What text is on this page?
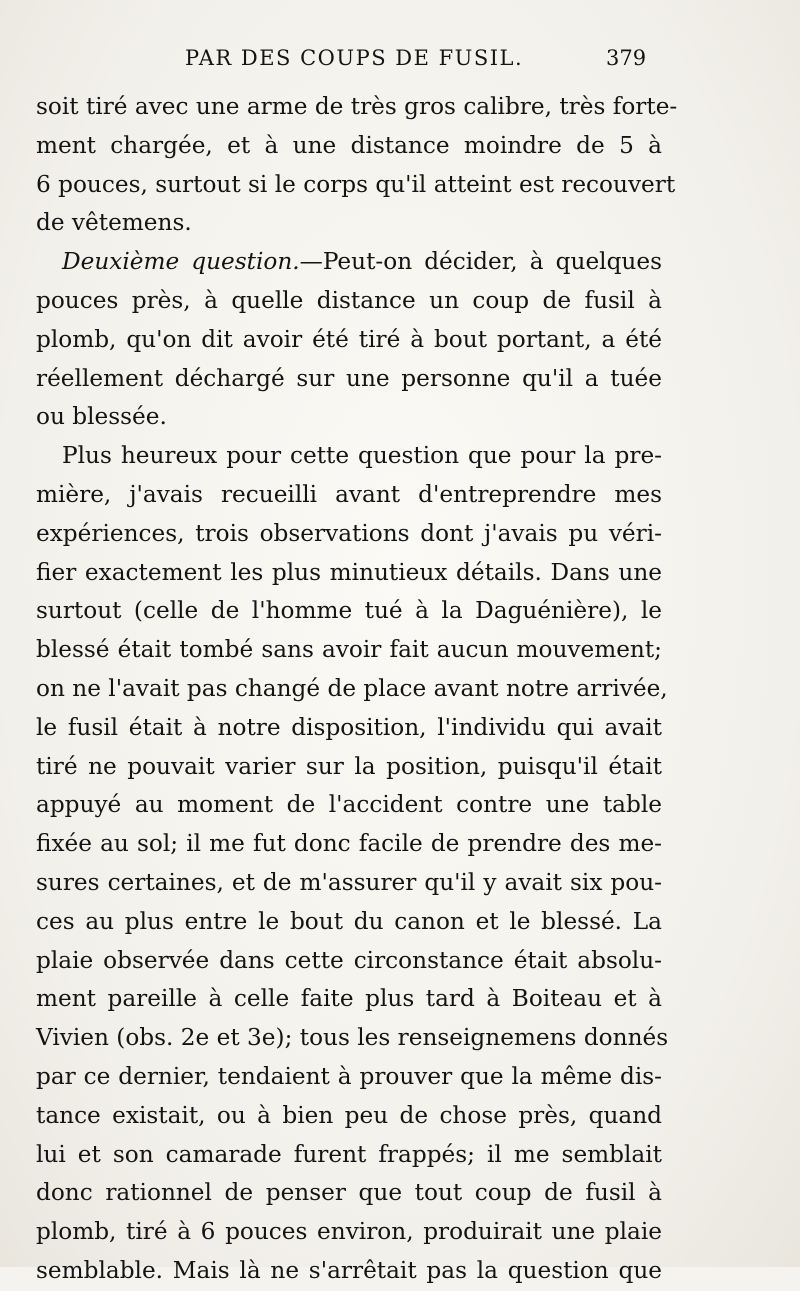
PAR DES COUPS DE FUSIL.	379
soit tiré avec une arme de très gros calibre, très forte-
ment chargée, et à une distance moindre de 5 à
6 pouces, surtout si le corps qu'il atteint est recouvert
de vêtemens.
Deuxième question.—Peut-on décider, à quelques
pouces près, à quelle distance un coup de fusil à
plomb, qu'on dit avoir été tiré à bout portant, a été
réellement déchargé sur une personne qu'il a tuée
ou blessée.
Plus heureux pour cette question que pour la pre-
mière, j'avais recueilli avant d'entreprendre mes
expériences, trois observations dont j'avais pu véri-
fier exactement les plus minutieux détails. Dans une
surtout (celle de l'homme tué à la Daguénière), le
blessé était tombé sans avoir fait aucun mouvement;
on ne l'avait pas changé de place avant notre arrivée,
le fusil était à notre disposition, l'individu qui avait
tiré ne pouvait varier sur la position, puisqu'il était
appuyé au moment de l'accident contre une table
fixée au sol; il me fut donc facile de prendre des me-
sures certaines, et de m'assurer qu'il y avait six pou-
ces au plus entre le bout du canon et le blessé. La
plaie observée dans cette circonstance était absolu-
ment pareille à celle faite plus tard à Boiteau et à
Vivien (obs. 2e et 3e); tous les renseignemens donnés
par ce dernier, tendaient à prouver que la même dis-
tance existait, ou à bien peu de chose près, quand
lui et son camarade furent frappés; il me semblait
donc rationnel de penser que tout coup de fusil à
plomb, tiré à 6 pouces environ, produirait une plaie
semblable. Mais là ne s'arrêtait pas la question que
